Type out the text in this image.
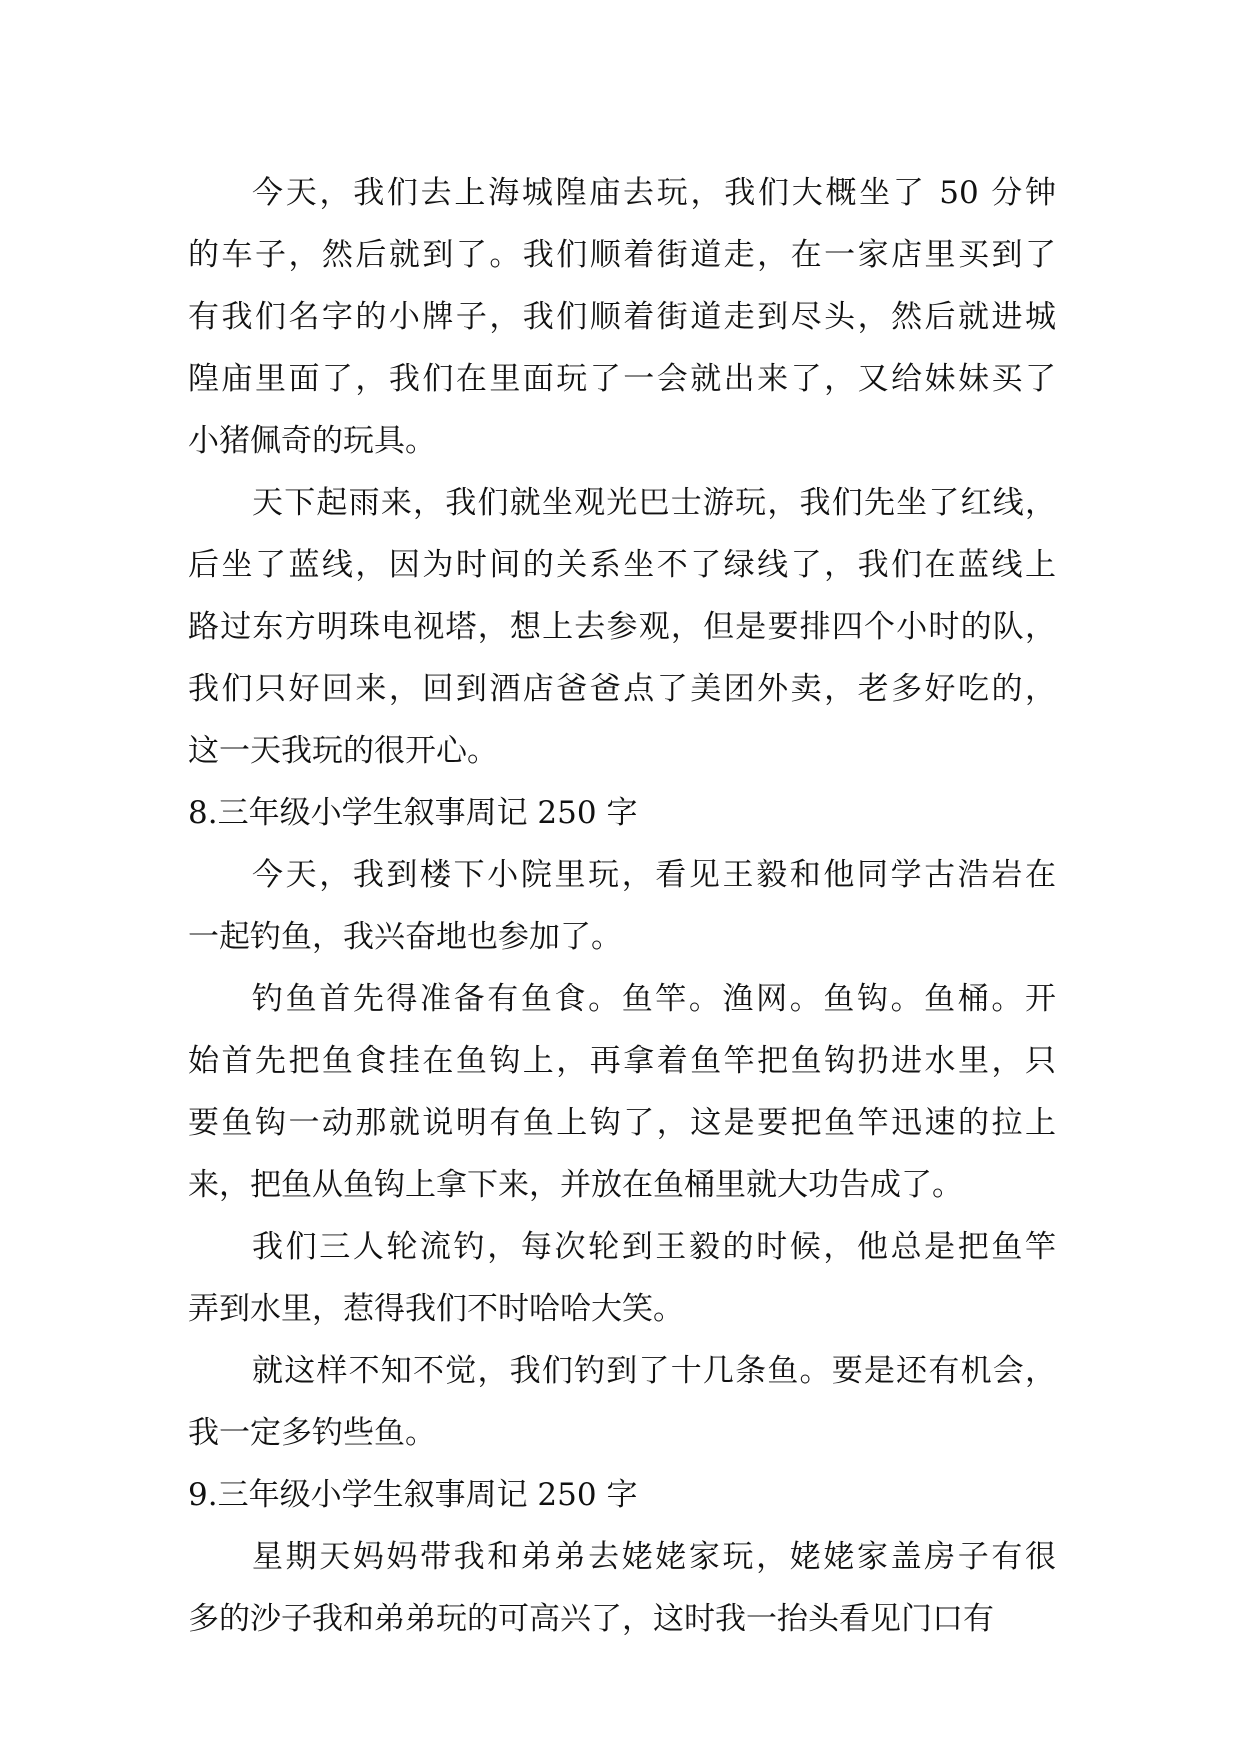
今天，我们去上海城隍庙去玩，我们大概坐了 50 分钟
的车子，然后就到了。我们顺着街道走，在一家店里买到了
有我们名字的小牌子，我们顺着街道走到尽头，然后就进城
隍庙里面了，我们在里面玩了一会就出来了，又给妹妹买了
小猪佩奇的玩具。
天下起雨来，我们就坐观光巴士游玩，我们先坐了红线，
后坐了蓝线，因为时间的关系坐不了绿线了，我们在蓝线上
路过东方明珠电视塔，想上去参观，但是要排四个小时的队，
我们只好回来，回到酒店爸爸点了美团外卖，老多好吃的，
这一天我玩的很开心。
8.三年级小学生叙事周记 250 字
今天，我到楼下小院里玩，看见王毅和他同学古浩岩在
一起钓鱼，我兴奋地也参加了。
钓鱼首先得准备有鱼食。鱼竿。渔网。鱼钩。鱼桶。开
始首先把鱼食挂在鱼钩上，再拿着鱼竿把鱼钩扔进水里，只
要鱼钩一动那就说明有鱼上钩了，这是要把鱼竿迅速的拉上
来，把鱼从鱼钩上拿下来，并放在鱼桶里就大功告成了。
我们三人轮流钓，每次轮到王毅的时候，他总是把鱼竿
弄到水里，惹得我们不时哈哈大笑。
就这样不知不觉，我们钓到了十几条鱼。要是还有机会，
我一定多钓些鱼。
9.三年级小学生叙事周记 250 字
星期天妈妈带我和弟弟去姥姥家玩，姥姥家盖房子有很
多的沙子我和弟弟玩的可高兴了，这时我一抬头看见门口有
